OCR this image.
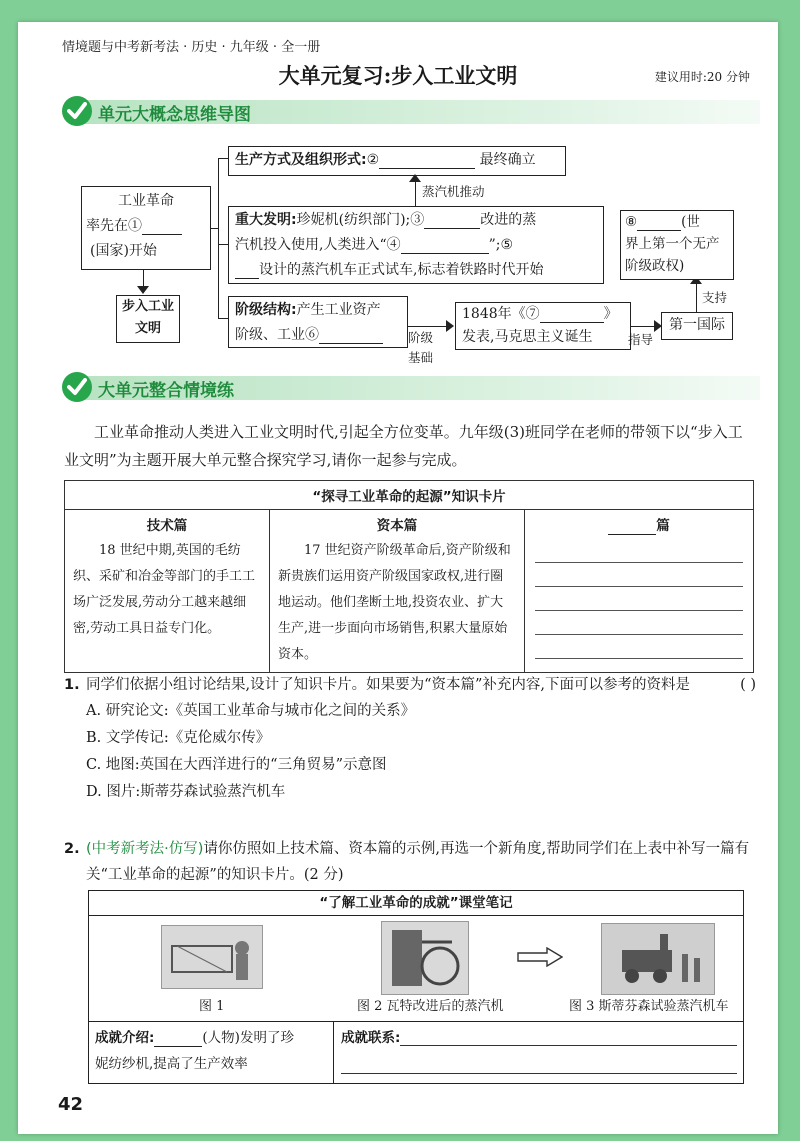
情境题与中考新考法 · 历史 · 九年级 · 全一册
大单元复习:步入工业文明	建议用时:20 分钟
单元大概念思维导图
工业革命
率先在①
(国家)开始
步入工业
文明
生产方式及组织形式:②	最终确立
蒸汽机推动
重大发明:珍妮机(纺织部门);③	改进的蒸
汽机投入使用,人类进入“④	”;⑤
设计的蒸汽机车正式试车,标志着铁路时代开始
阶级结构:产生工业资产
阶级、工业⑥	阶级
基础
1848年《⑦	》
发表,马克思主义诞生	指导
第一国际
支持
⑧	(世
界上第一个无产
阶级政权)
大单元整合情境练
工业革命推动人类进入工业文明时代,引起全方位变革。九年级(3)班同学在老师的带领下以“步入工业文明”为主题开展大单元整合探究学习,请你一起参与完成。
“探寻工业革命的起源”知识卡片

技术篇
18 世纪中期,英国的毛纺织、采矿和冶金等部门的手工工场广泛发展,劳动分工越来越细密,劳动工具日益专门化。

资本篇
17 世纪资产阶级革命后,资产阶级和新贵族们运用资产阶级国家政权,进行圈地运动。他们垄断土地,投资农业、扩大生产,进一步面向市场销售,积累大量原始资本。

篇
1. 同学们依据小组讨论结果,设计了知识卡片。如果要为“资本篇”补充内容,下面可以参考的资料是	( )
A. 研究论文:《英国工业革命与城市化之间的关系》
B. 文学传记:《克伦威尔传》
C. 地图:英国在大西洋进行的“三角贸易”示意图
D. 图片:斯蒂芬森试验蒸汽机车
2. (中考新考法·仿写)请你仿照如上技术篇、资本篇的示例,再选一个新角度,帮助同学们在上表中补写一篇有关“工业革命的起源”的知识卡片。(2 分)
“了解工业革命的成就”课堂笔记
图 1	图 2 瓦特改进后的蒸汽机	图 3 斯蒂芬森试验蒸汽机车
成就介绍:	(人物)发明了珍
妮纺纱机,提高了生产效率
成就联系:
42
